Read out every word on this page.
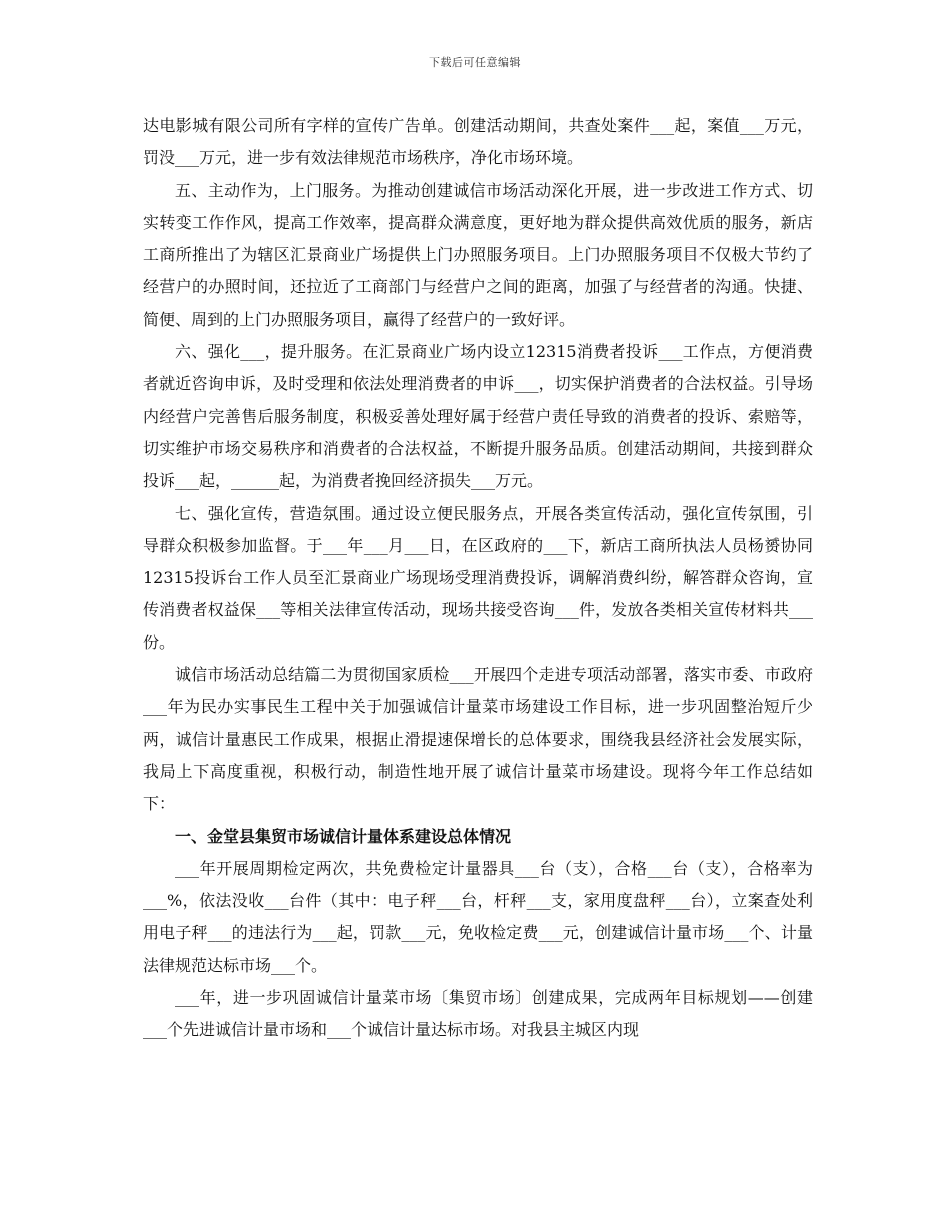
下载后可任意编辑

达电影城有限公司所有字样的宣传广告单。创建活动期间，共查处案件___起，案值___万元，罚没___万元，进一步有效法律规范市场秩序，净化市场环境。

五、主动作为，上门服务。为推动创建诚信市场活动深化开展，进一步改进工作方式、切实转变工作作风，提高工作效率，提高群众满意度，更好地为群众提供高效优质的服务，新店工商所推出了为辖区汇景商业广场提供上门办照服务项目。上门办照服务项目不仅极大节约了经营户的办照时间，还拉近了工商部门与经营户之间的距离，加强了与经营者的沟通。快捷、简便、周到的上门办照服务项目，赢得了经营户的一致好评。

六、强化___，提升服务。在汇景商业广场内设立12315消费者投诉___工作点，方便消费者就近咨询申诉，及时受理和依法处理消费者的申诉___，切实保护消费者的合法权益。引导场内经营户完善售后服务制度，积极妥善处理好属于经营户责任导致的消费者的投诉、索赔等，切实维护市场交易秩序和消费者的合法权益，不断提升服务品质。创建活动期间，共接到群众投诉___起，______起，为消费者挽回经济损失___万元。

七、强化宣传，营造氛围。通过设立便民服务点，开展各类宣传活动，强化宣传氛围，引导群众积极参加监督。于___年___月___日，在区政府的___下，新店工商所执法人员杨赟协同12315投诉台工作人员至汇景商业广场现场受理消费投诉，调解消费纠纷，解答群众咨询，宣传消费者权益保___等相关法律宣传活动，现场共接受咨询___件，发放各类相关宣传材料共___份。

诚信市场活动总结篇二为贯彻国家质检___开展四个走进专项活动部署，落实市委、市政府___年为民办实事民生工程中关于加强诚信计量菜市场建设工作目标，进一步巩固整治短斤少两，诚信计量惠民工作成果，根据止滑提速保增长的总体要求，围绕我县经济社会发展实际，我局上下高度重视，积极行动，制造性地开展了诚信计量菜市场建设。现将今年工作总结如下：

一、金堂县集贸市场诚信计量体系建设总体情况

___年开展周期检定两次，共免费检定计量器具___台（支），合格___台（支），合格率为___%，依法没收___台件（其中：电子秤___台，杆秤___支，家用度盘秤___台），立案查处利用电子秤___的违法行为___起，罚款___元，免收检定费___元，创建诚信计量市场___个、计量法律规范达标市场___个。

___年，进一步巩固诚信计量菜市场〔集贸市场〕创建成果，完成两年目标规划——创建___个先进诚信计量市场和___个诚信计量达标市场。对我县主城区内现
